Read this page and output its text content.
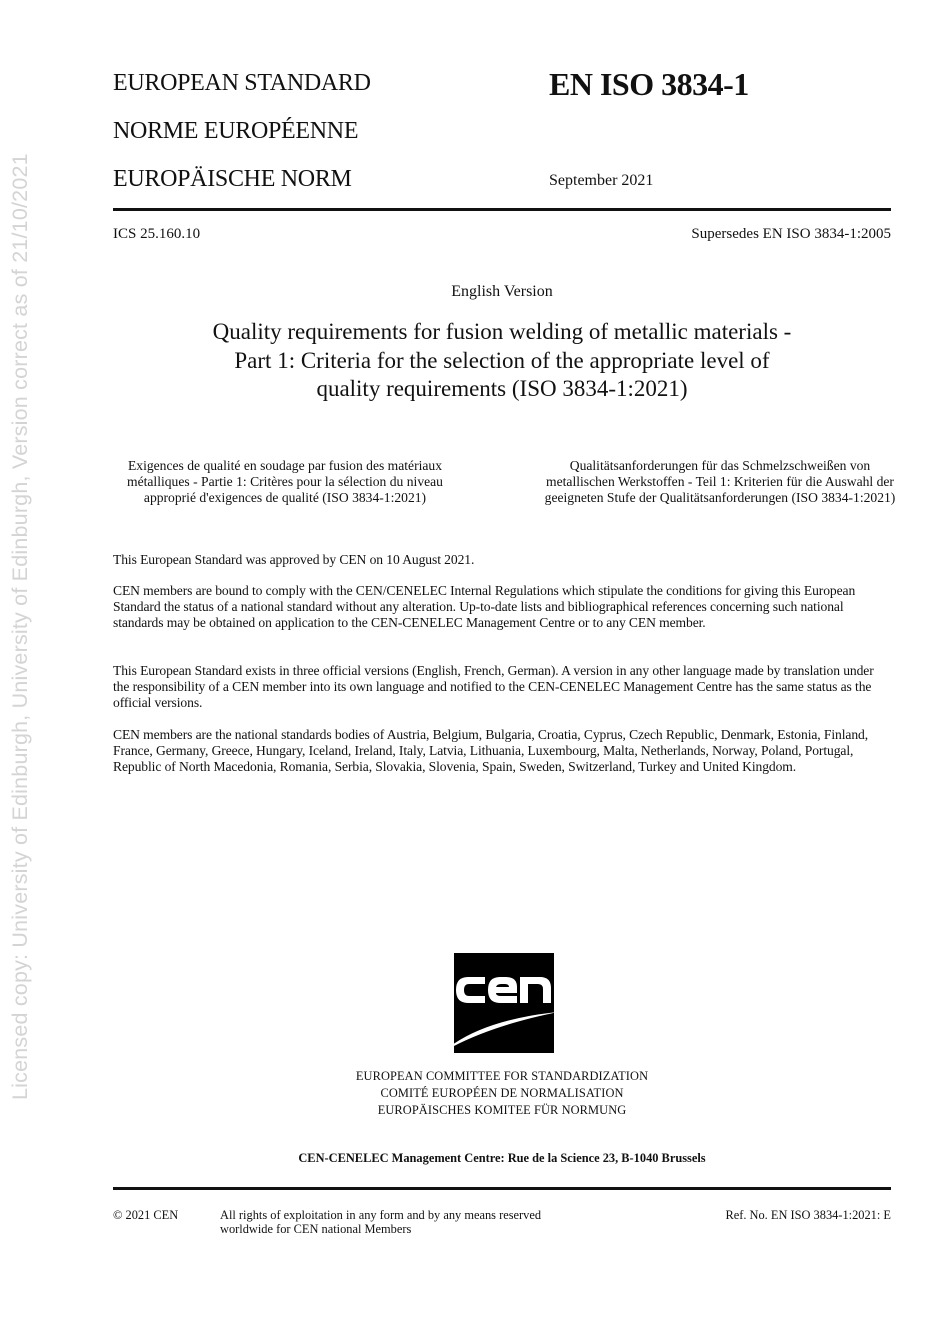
Licensed copy: University of Edinburgh, University of Edinburgh, Version correct as of 21/10/2021
EUROPEAN STANDARD
NORME EUROPÉENNE
EUROPÄISCHE NORM
EN ISO 3834-1
September 2021
ICS 25.160.10	Supersedes EN ISO 3834-1:2005
English Version
Quality requirements for fusion welding of metallic materials - Part 1: Criteria for the selection of the appropriate level of quality requirements (ISO 3834-1:2021)
Exigences de qualité en soudage par fusion des matériaux métalliques - Partie 1: Critères pour la sélection du niveau approprié d'exigences de qualité (ISO 3834-1:2021)
Qualitätsanforderungen für das Schmelzschweißen von metallischen Werkstoffen - Teil 1: Kriterien für die Auswahl der geeigneten Stufe der Qualitätsanforderungen (ISO 3834-1:2021)

This European Standard was approved by CEN on 10 August 2021.

CEN members are bound to comply with the CEN/CENELEC Internal Regulations which stipulate the conditions for giving this European Standard the status of a national standard without any alteration. Up-to-date lists and bibliographical references concerning such national standards may be obtained on application to the CEN-CENELEC Management Centre or to any CEN member.

This European Standard exists in three official versions (English, French, German). A version in any other language made by translation under the responsibility of a CEN member into its own language and notified to the CEN-CENELEC Management Centre has the same status as the official versions.

CEN members are the national standards bodies of Austria, Belgium, Bulgaria, Croatia, Cyprus, Czech Republic, Denmark, Estonia, Finland, France, Germany, Greece, Hungary, Iceland, Ireland, Italy, Latvia, Lithuania, Luxembourg, Malta, Netherlands, Norway, Poland, Portugal, Republic of North Macedonia, Romania, Serbia, Slovakia, Slovenia, Spain, Sweden, Switzerland, Turkey and United Kingdom.

EUROPEAN COMMITTEE FOR STANDARDIZATION
COMITÉ EUROPÉEN DE NORMALISATION
EUROPÄISCHES KOMITEE FÜR NORMUNG
CEN-CENELEC Management Centre: Rue de la Science 23, B-1040 Brussels
© 2021 CEN	All rights of exploitation in any form and by any means reserved
worldwide for CEN national Members
Ref. No. EN ISO 3834-1:2021: E
